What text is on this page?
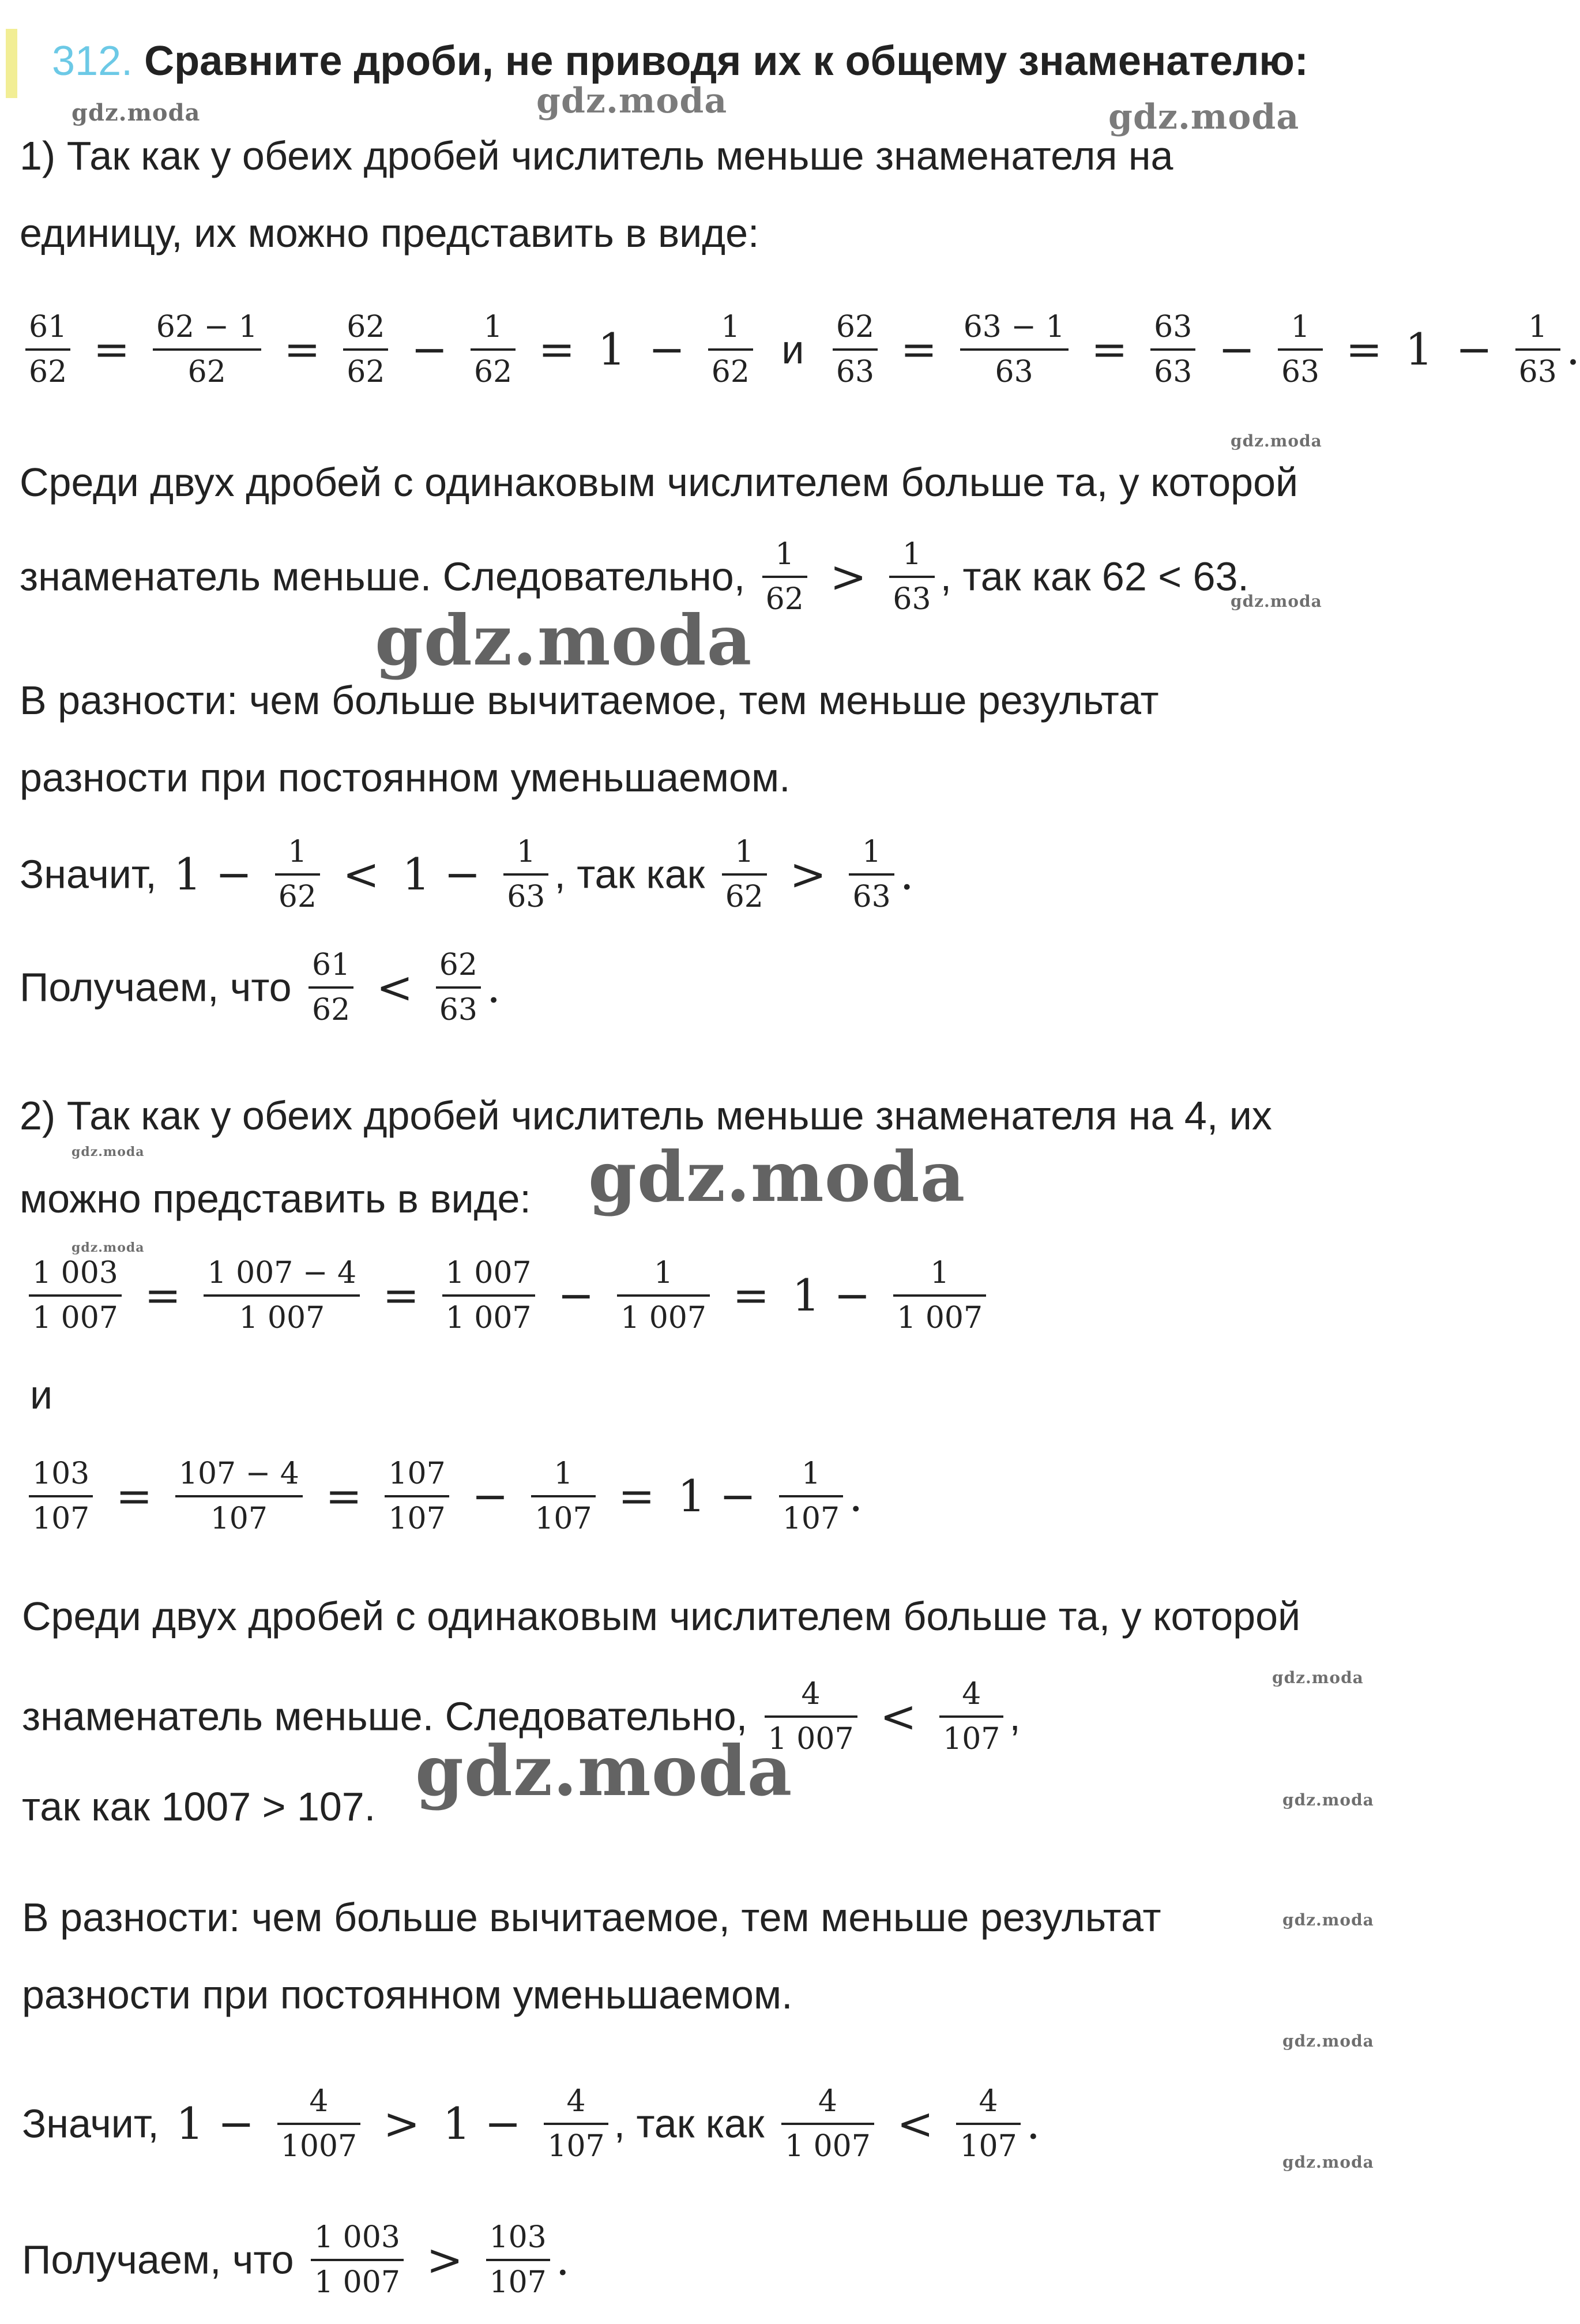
312. Сравните дроби, не приводя их к общему знаменателю:
1) Так как у обеих дробей числитель меньше знаменателя на
единицу, их можно представить в виде:
$\frac{61}{62} = \frac{62 - 1}{62} = \frac{62}{62} - \frac{1}{62} = 1 - \frac{1}{62}$ и $\frac{62}{63} = \frac{63 - 1}{63} = \frac{63}{63} - \frac{1}{63} = 1 - \frac{1}{63}$ .
Среди двух дробей с одинаковым числителем больше та, у которой
знаменатель меньше. Следовательно, $\frac{1}{62} > \frac{1}{63}$ , так как 62 < 63.
В разности: чем больше вычитаемое, тем меньше результат
разности при постоянном уменьшаемом.
Значит, $1 - \frac{1}{62} < 1 - \frac{1}{63}$ , так как $\frac{1}{62} > \frac{1}{63}$ .
Получаем, что $\frac{61}{62} < \frac{62}{63}$ .
2) Так как у обеих дробей числитель меньше знаменателя на 4, их
можно представить в виде:
$\frac{1 003}{1 007} = \frac{1 007 - 4}{1 007} = \frac{1 007}{1 007} - \frac{1}{1 007} = 1 - \frac{1}{1 007}$
и
$\frac{103}{107} = \frac{107 - 4}{107} = \frac{107}{107} - \frac{1}{107} = 1 - \frac{1}{107}$ .
Среди двух дробей с одинаковым числителем больше та, у которой
знаменатель меньше. Следовательно, $\frac{4}{1 007} < \frac{4}{107}$ ,
так как 1007 > 107.
В разности: чем больше вычитаемое, тем меньше результат
разности при постоянном уменьшаемом.
Значит, $1 - \frac{4}{1007} > 1 - \frac{4}{107}$ , так как $\frac{4}{1 007} < \frac{4}{107}$ .
Получаем, что $\frac{1 003}{1 007} > \frac{103}{107}$ .
gdz.moda	gdz.moda	gdz.moda
gdz.moda
gdz.moda
gdz.moda
gdz.moda	gdz.moda
gdz.moda
gdz.moda
gdz.moda	gdz.moda
gdz.moda
gdz.moda
gdz.moda
